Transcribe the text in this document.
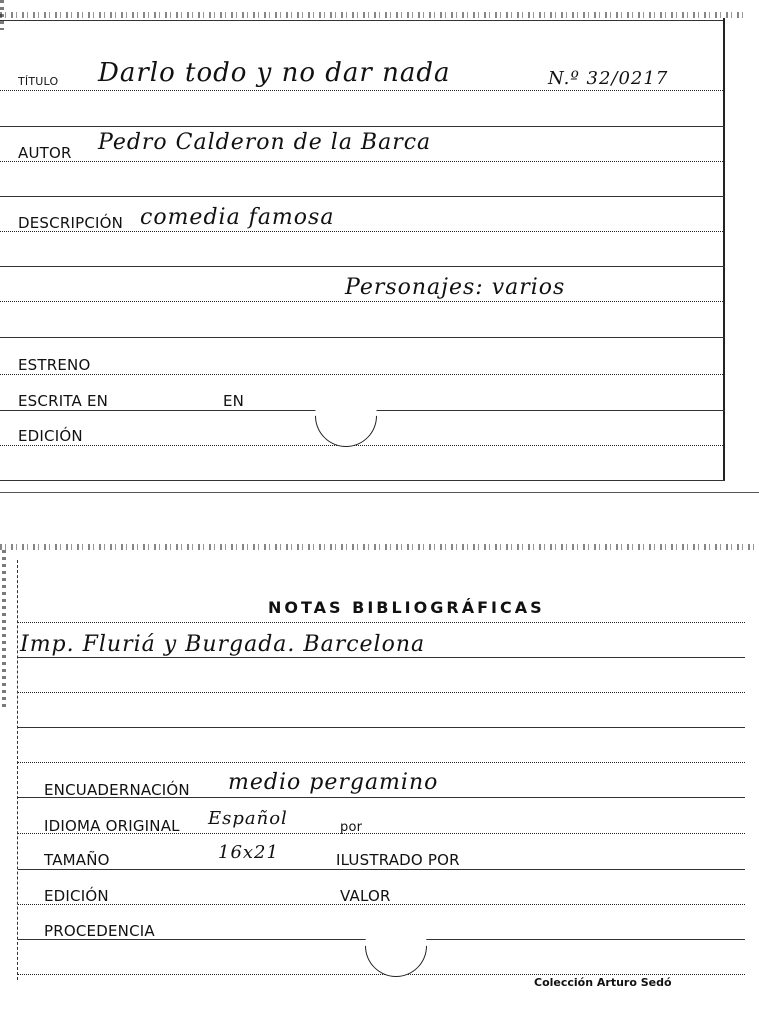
TÍTULO Darlo todo y no dar nada	N.º 32/0217
AUTOR Pedro Calderon de la Barca
DESCRIPCIÓN comedia famosa
Personajes: varios
ESTRENO
ESCRITA EN	EN
EDICIÓN
NOTAS BIBLIOGRÁFICAS
Imp. Fluriá y Burgada. Barcelona
ENCUADERNACIÓN medio pergamino
IDIOMA ORIGINAL Español	por
TAMAÑO	16x21	ILUSTRADO POR
EDICIÓN	VALOR
PROCEDENCIA
Colección Arturo Sedó
